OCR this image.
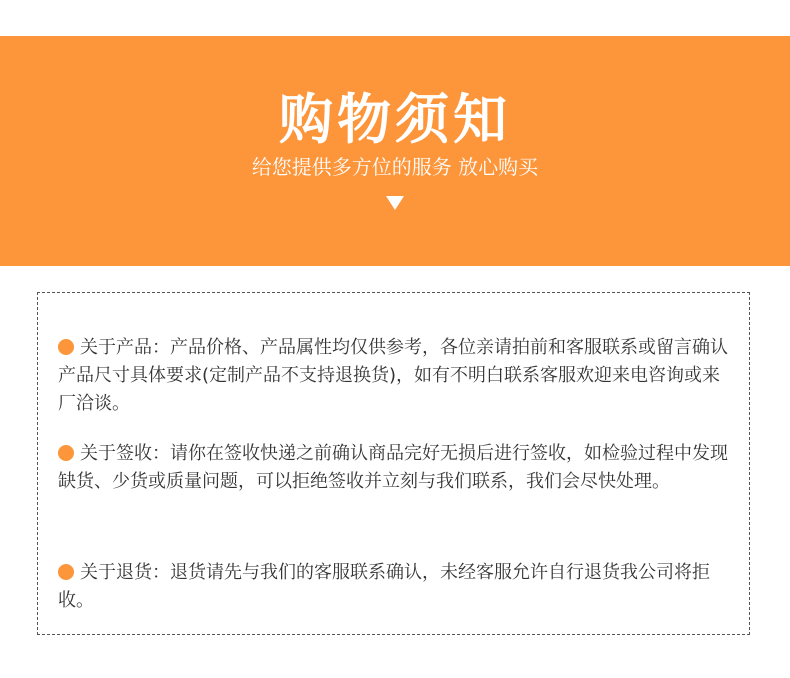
购物须知
给您提供多方位的服务 放心购买
关于产品：产品价格、产品属性均仅供参考，各位亲请拍前和客服联系或留言确认产品尺寸具体要求(定制产品不支持退换货)，如有不明白联系客服欢迎来电咨询或来厂洽谈。
关于签收：请你在签收快递之前确认商品完好无损后进行签收，如检验过程中发现缺货、少货或质量问题，可以拒绝签收并立刻与我们联系，我们会尽快处理。
关于退货：退货请先与我们的客服联系确认，未经客服允许自行退货我公司将拒收。
